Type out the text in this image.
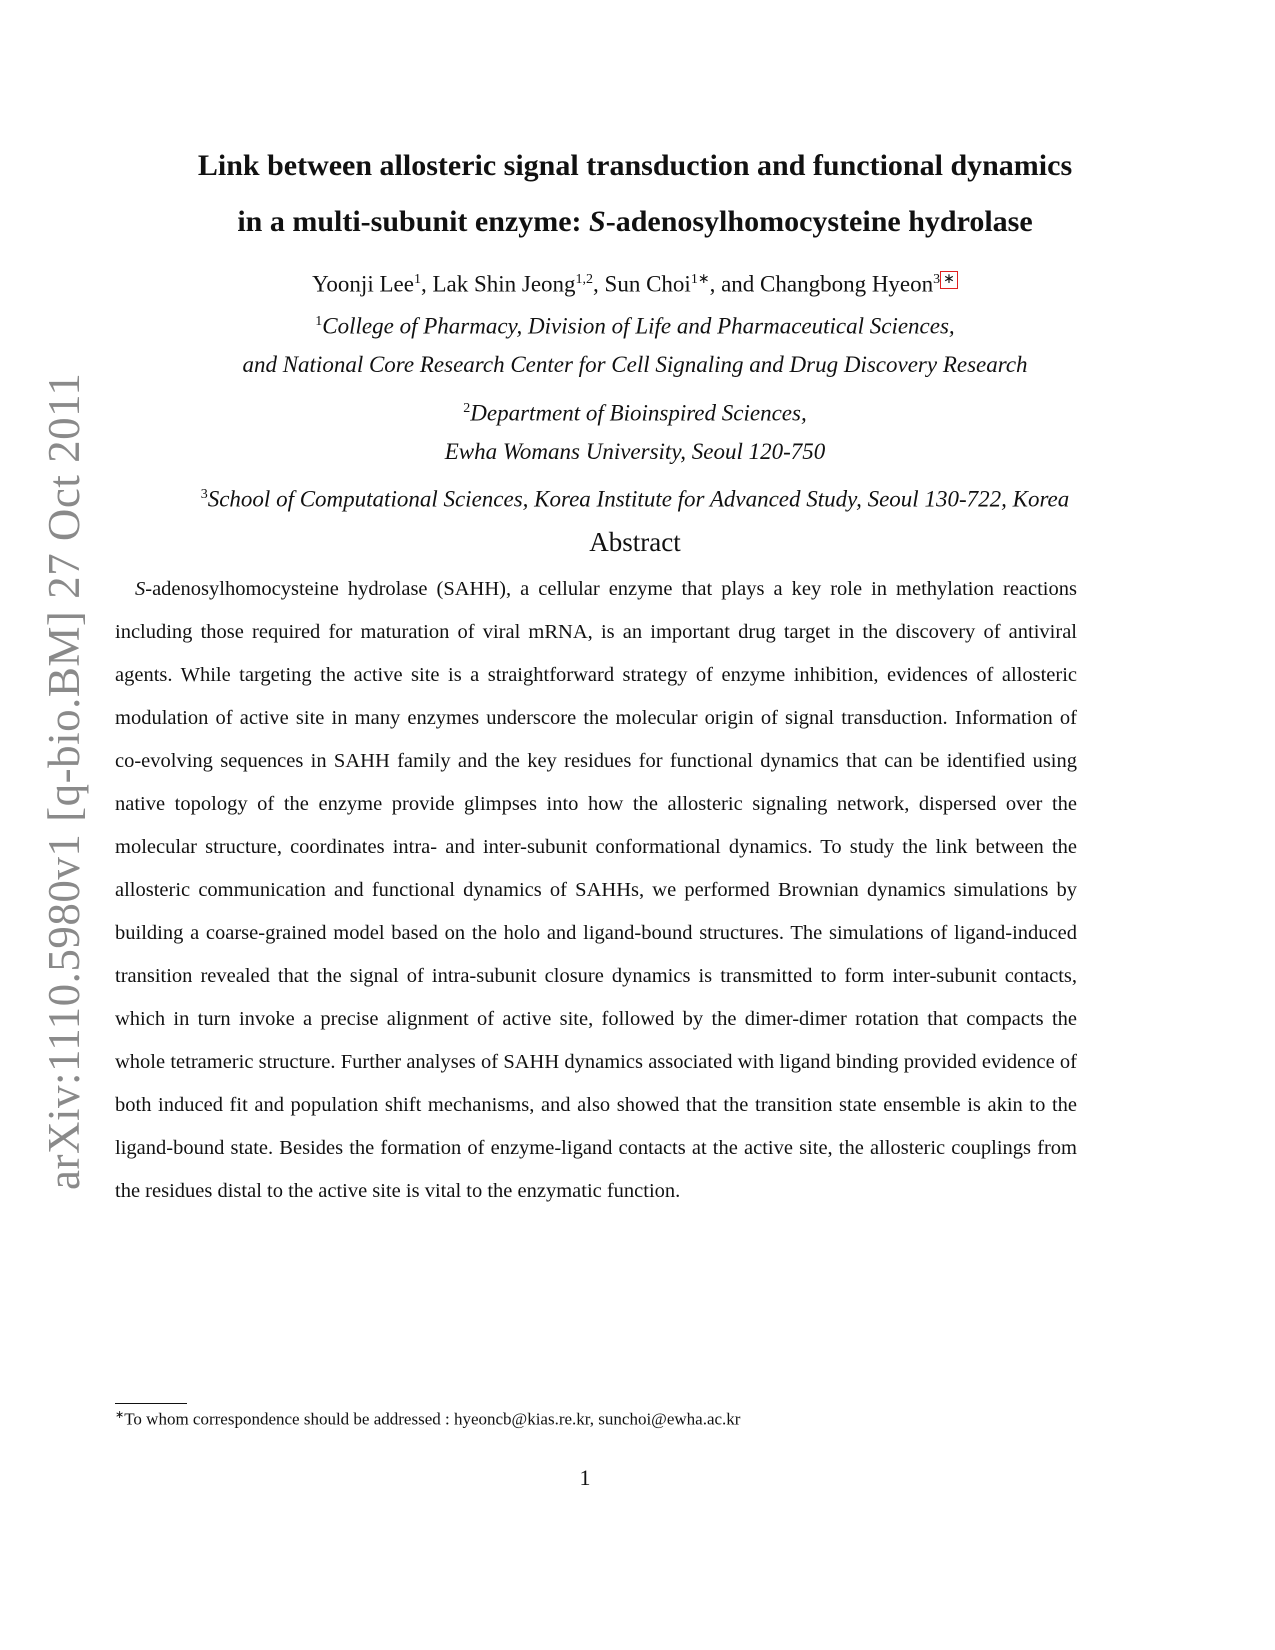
arXiv:1110.5980v1 [q-bio.BM] 27 Oct 2011
Link between allosteric signal transduction and functional dynamics
in a multi-subunit enzyme: S-adenosylhomocysteine hydrolase
Yoonji Lee$^1$, Lak Shin Jeong$^{1,2}$, Sun Choi$^{1∗}$, and Changbong Hyeon$^3$ ∗
$^1$College of Pharmacy, Division of Life and Pharmaceutical Sciences,
and National Core Research Center for Cell Signaling and Drug Discovery Research
$^2$Department of Bioinspired Sciences,
Ewha Womans University, Seoul 120-750
$^3$School of Computational Sciences, Korea Institute for Advanced Study, Seoul 130-722, Korea
Abstract

S-adenosylhomocysteine hydrolase (SAHH), a cellular enzyme that plays a key role in methylation reactions including those required for maturation of viral mRNA, is an important drug target in the discovery of antiviral agents. While targeting the active site is a straightforward strategy of enzyme inhibition, evidences of allosteric modulation of active site in many enzymes underscore the molecular origin of signal transduction. Information of co-evolving sequences in SAHH family and the key residues for functional dynamics that can be identified using native topology of the enzyme provide glimpses into how the allosteric signaling network, dispersed over the molecular structure, coordinates intra- and inter-subunit conformational dynamics. To study the link between the allosteric communication and functional dynamics of SAHHs, we performed Brownian dynamics simulations by building a coarse-grained model based on the holo and ligand-bound structures. The simulations of ligand-induced transition revealed that the signal of intra-subunit closure dynamics is transmitted to form inter-subunit contacts, which in turn invoke a precise alignment of active site, followed by the dimer-dimer rotation that compacts the whole tetrameric structure. Further analyses of SAHH dynamics associated with ligand binding provided evidence of both induced fit and population shift mechanisms, and also showed that the transition state ensemble is akin to the ligand-bound state. Besides the formation of enzyme-ligand contacts at the active site, the allosteric couplings from the residues distal to the active site is vital to the enzymatic function.

∗To whom correspondence should be addressed : hyeoncb@kias.re.kr, sunchoi@ewha.ac.kr
1
